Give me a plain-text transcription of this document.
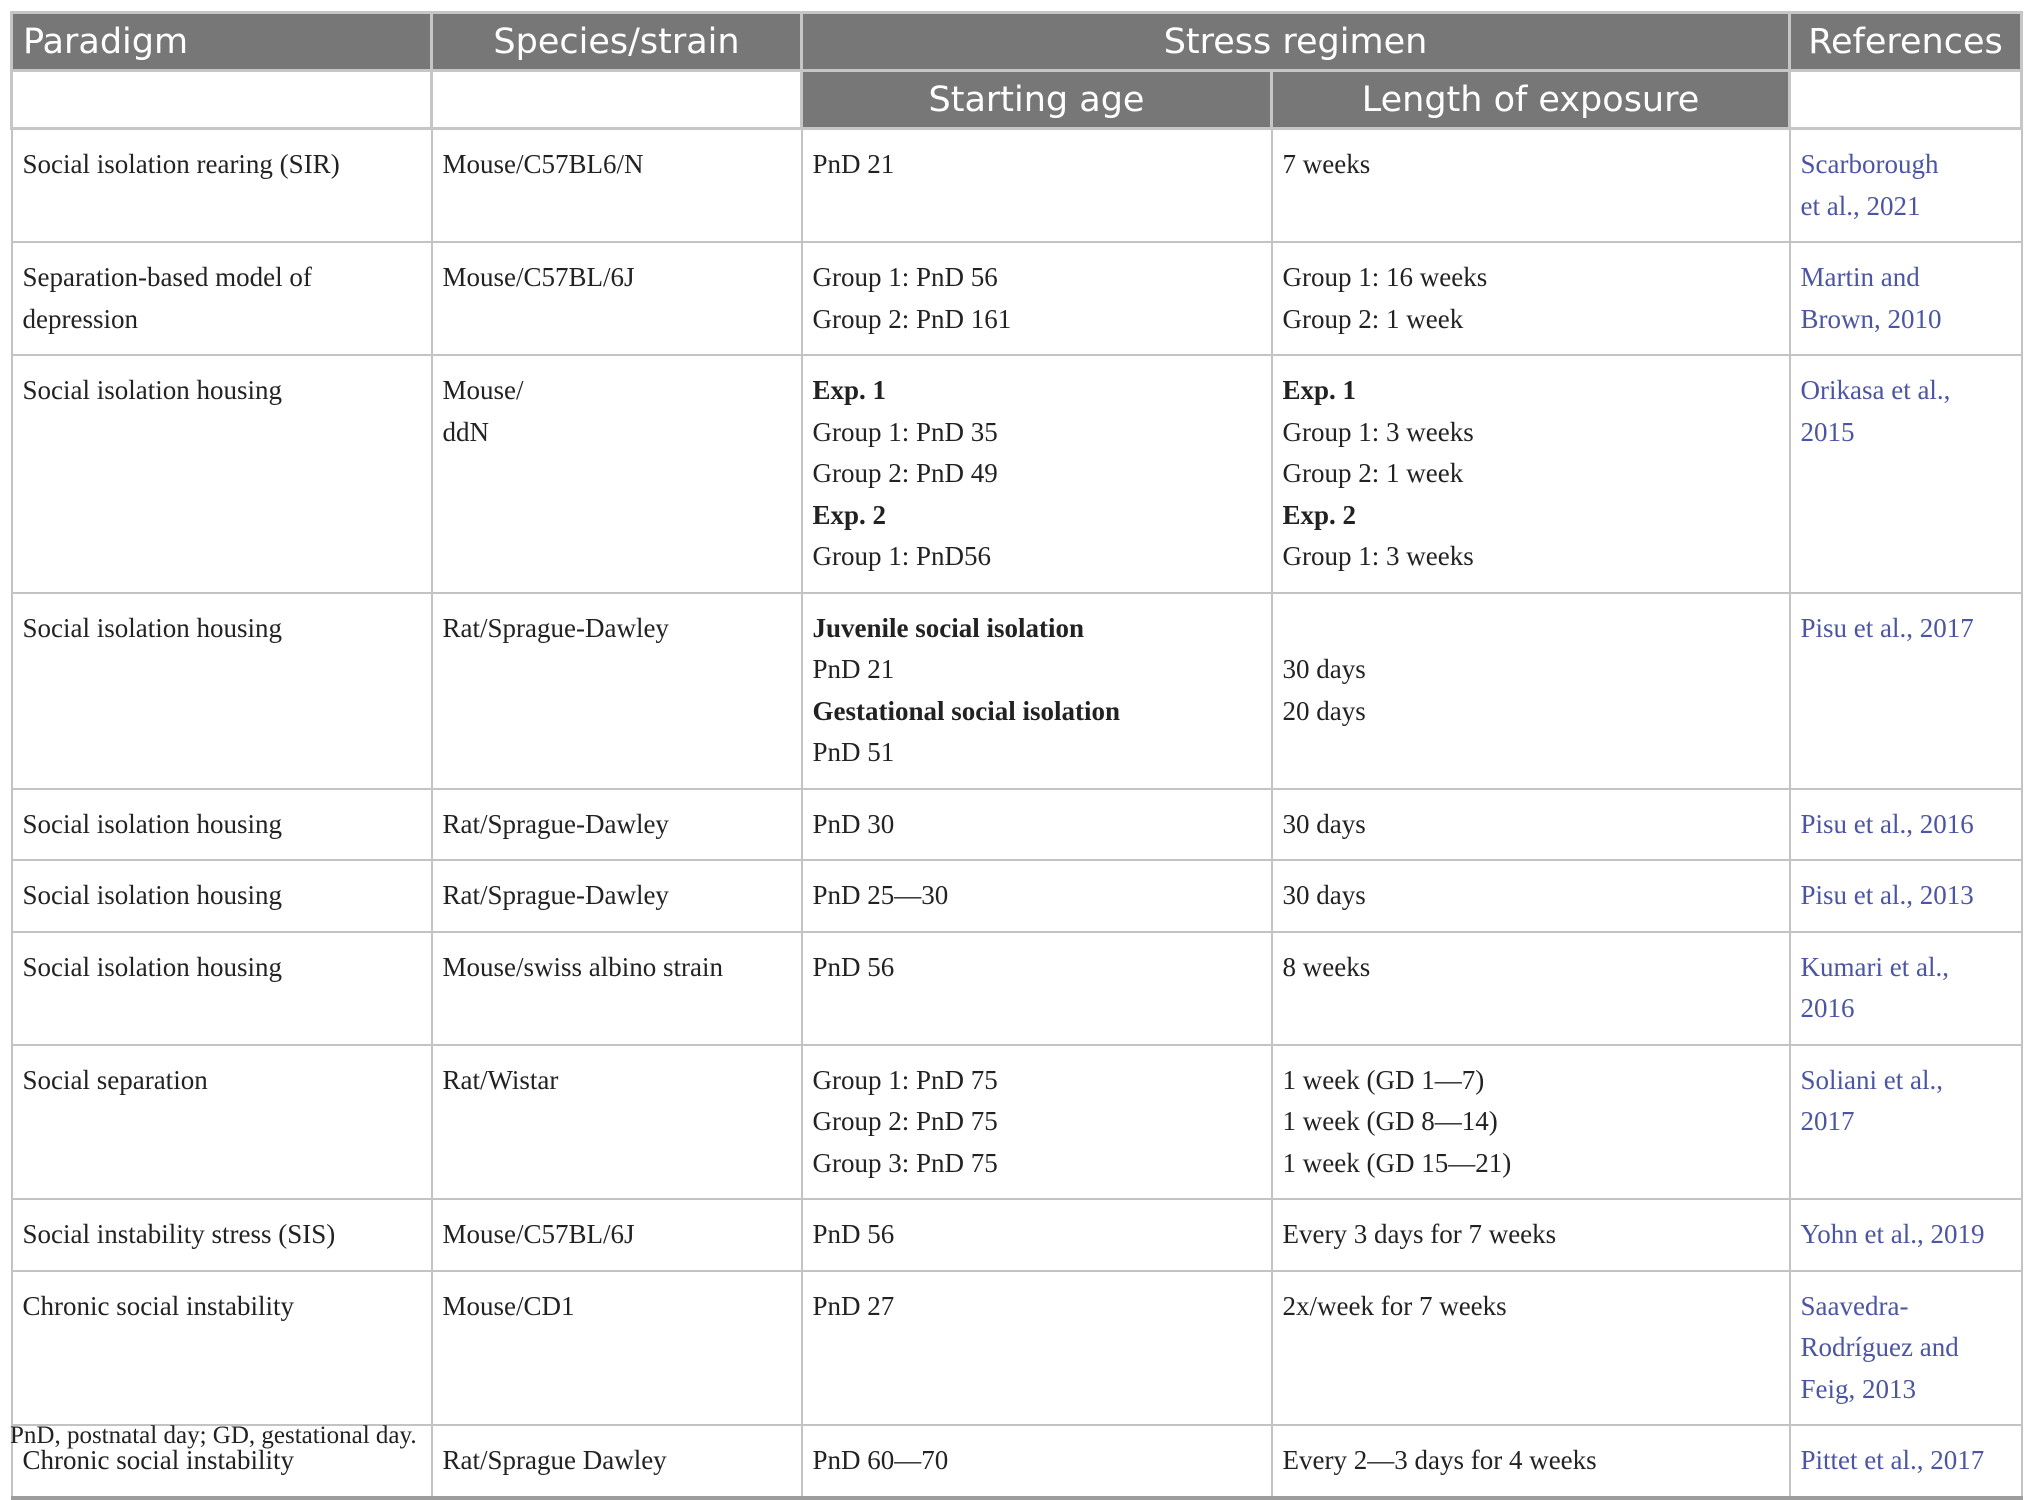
Paradigm	Species/strain	Stress regimen		References
		Starting age	Length of exposure	

Social isolation rearing (SIR)	Mouse/C57BL6/N	PnD 21	7 weeks	Scarborough
et al., 2021

Separation-based model of
depression	Mouse/C57BL/6J	Group 1: PnD 56
Group 2: PnD 161	Group 1: 16 weeks
Group 2: 1 week	Martin and
Brown, 2010

Social isolation housing	Mouse/
ddN	Exp. 1
Group 1: PnD 35
Group 2: PnD 49
Exp. 2
Group 1: PnD56	Exp. 1
Group 1: 3 weeks
Group 2: 1 week
Exp. 2
Group 1: 3 weeks	Orikasa et al.,
2015

Social isolation housing	Rat/Sprague-Dawley	Juvenile social isolation
PnD 21
Gestational social isolation
PnD 51	30 days
20 days	Pisu et al., 2017

Social isolation housing	Rat/Sprague-Dawley	PnD 30	30 days	Pisu et al., 2016

Social isolation housing	Rat/Sprague-Dawley	PnD 25—30	30 days	Pisu et al., 2013

Social isolation housing	Mouse/swiss albino strain	PnD 56	8 weeks	Kumari et al.,
2016

Social separation	Rat/Wistar	Group 1: PnD 75
Group 2: PnD 75
Group 3: PnD 75	1 week (GD 1—7)
1 week (GD 8—14)
1 week (GD 15—21)	Soliani et al.,
2017

Social instability stress (SIS)	Mouse/C57BL/6J	PnD 56	Every 3 days for 7 weeks	Yohn et al., 2019

Chronic social instability	Mouse/CD1	PnD 27	2x/week for 7 weeks	Saavedra-
Rodríguez and
Feig, 2013

Chronic social instability	Rat/Sprague Dawley	PnD 60—70	Every 2—3 days for 4 weeks	Pittet et al., 2017
PnD, postnatal day; GD, gestational day.
